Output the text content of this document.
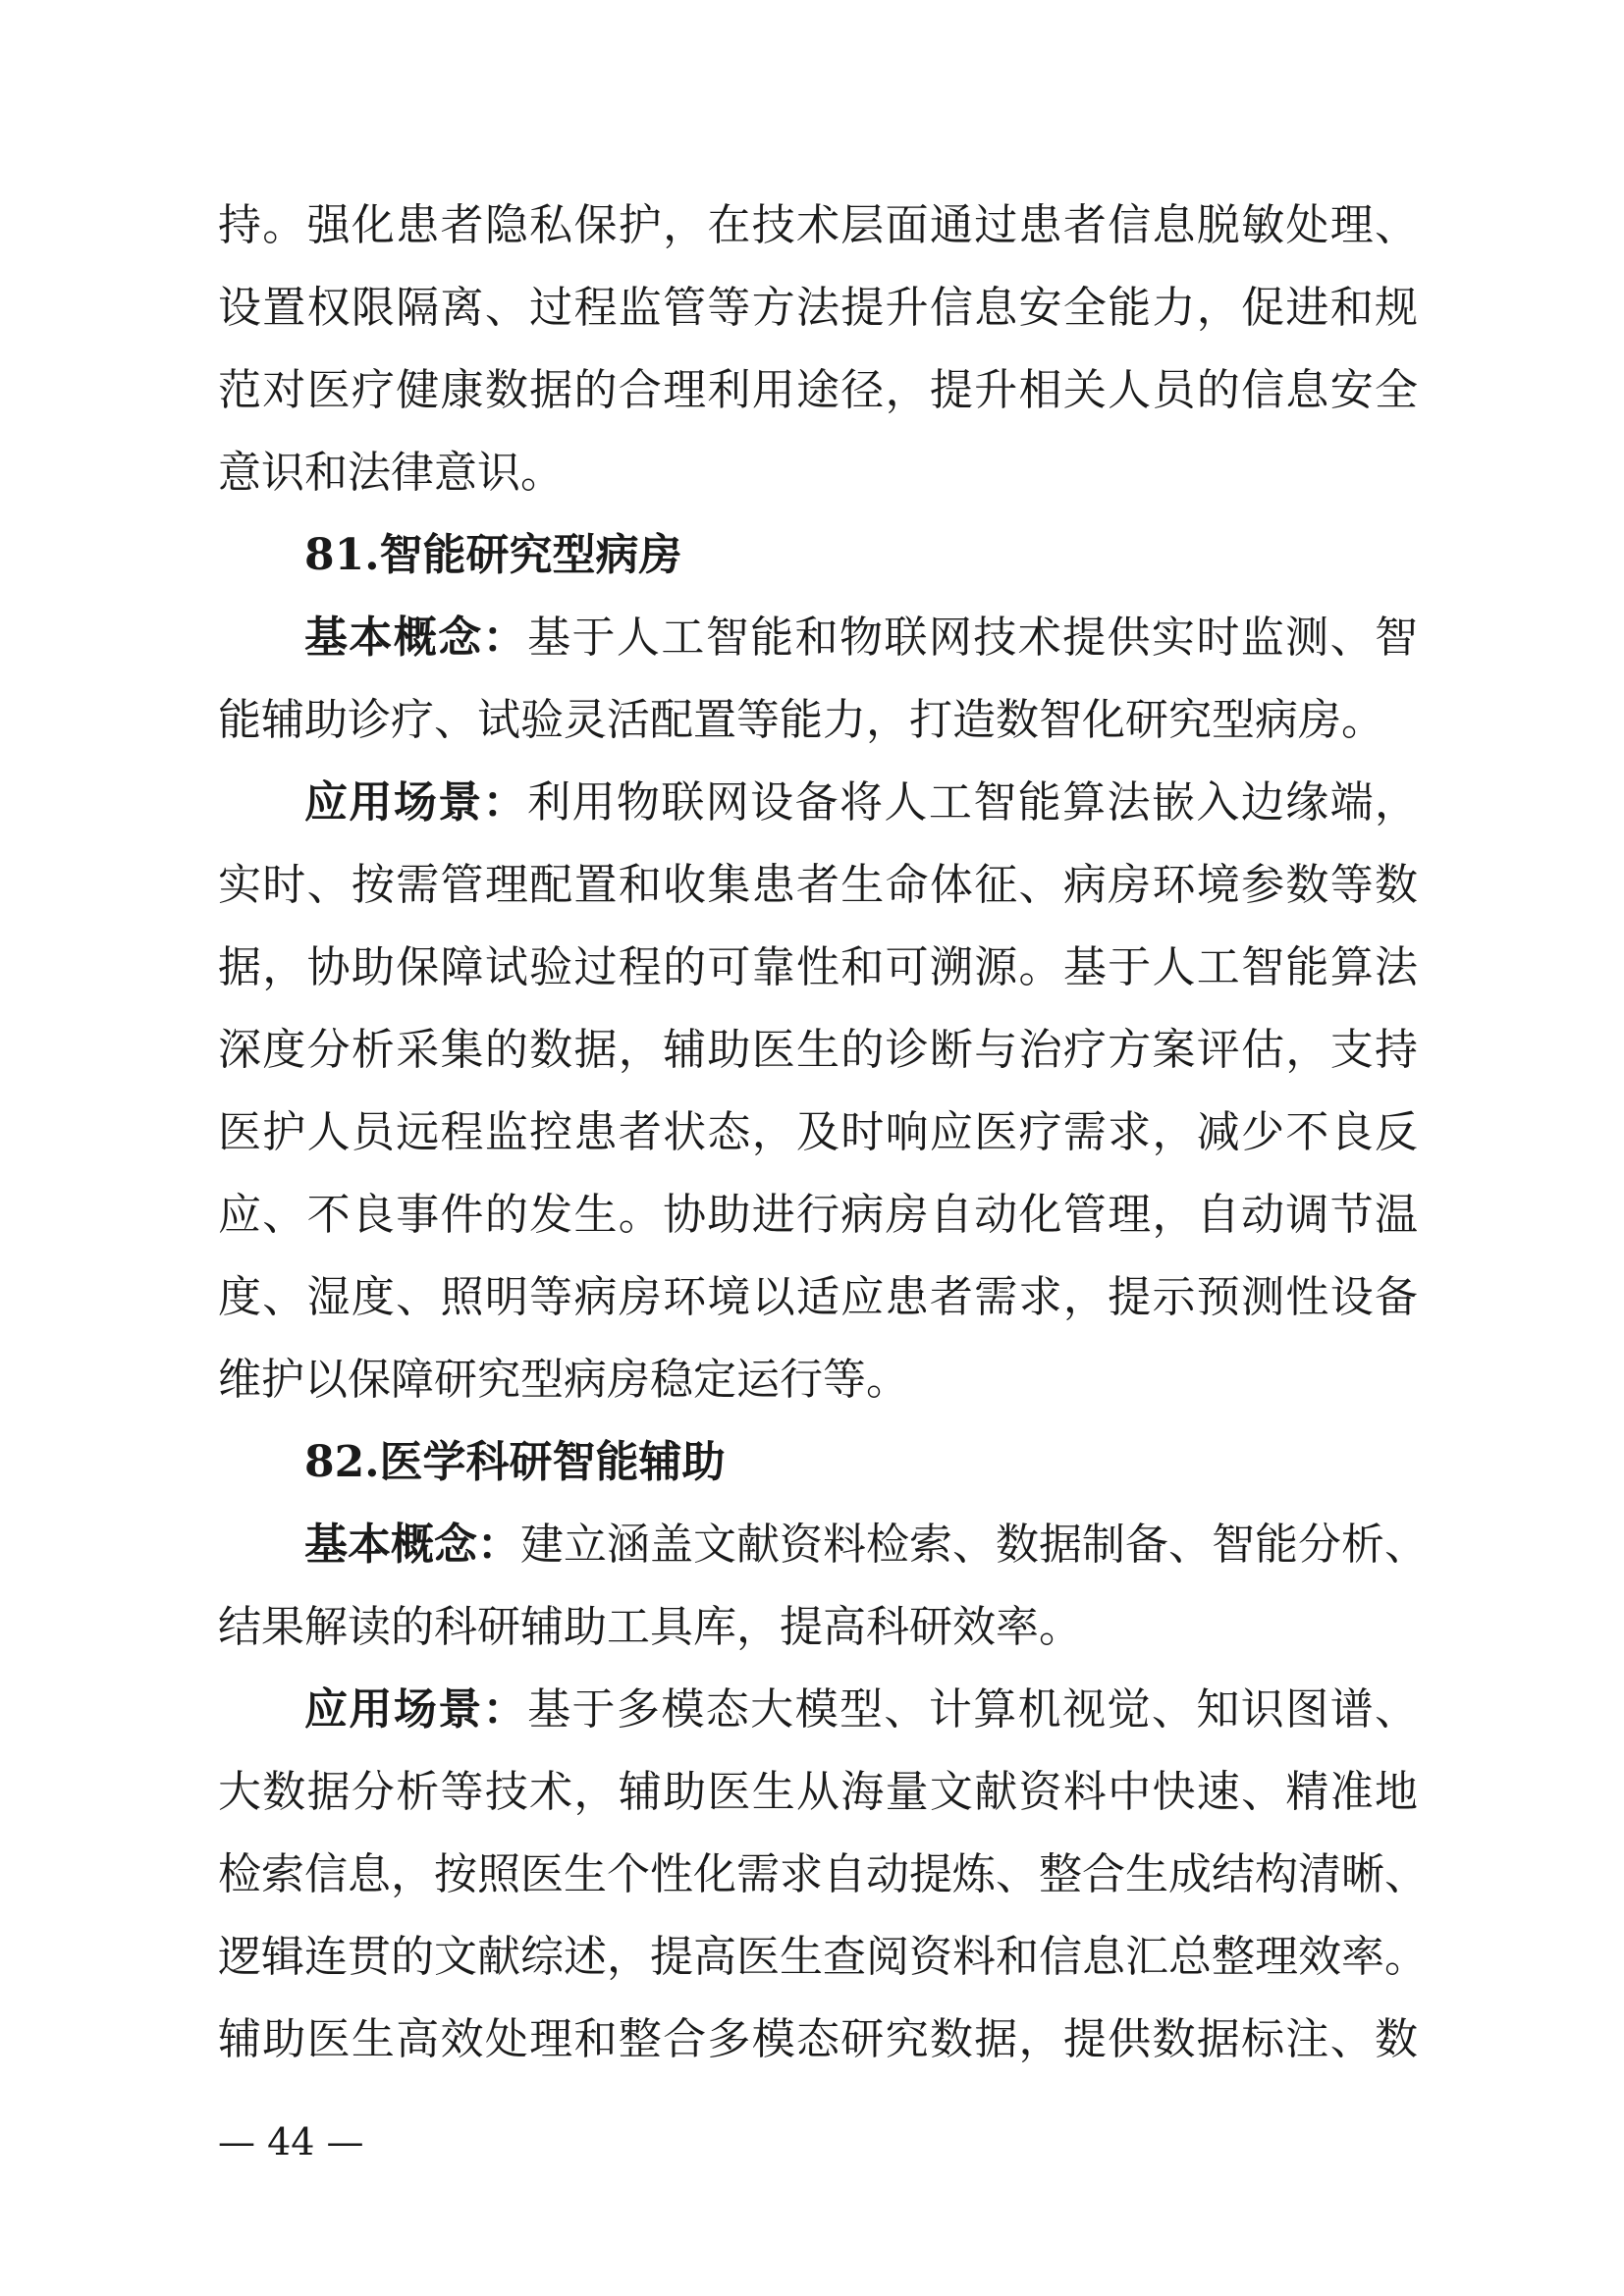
持。强化患者隐私保护，在技术层面通过患者信息脱敏处理、
设置权限隔离、过程监管等方法提升信息安全能力，促进和规
范对医疗健康数据的合理利用途径，提升相关人员的信息安全
意识和法律意识。
81.智能研究型病房
基本概念：基于人工智能和物联网技术提供实时监测、智
能辅助诊疗、试验灵活配置等能力，打造数智化研究型病房。
应用场景：利用物联网设备将人工智能算法嵌入边缘端，
实时、按需管理配置和收集患者生命体征、病房环境参数等数
据，协助保障试验过程的可靠性和可溯源。基于人工智能算法
深度分析采集的数据，辅助医生的诊断与治疗方案评估，支持
医护人员远程监控患者状态，及时响应医疗需求，减少不良反
应、不良事件的发生。协助进行病房自动化管理，自动调节温
度、湿度、照明等病房环境以适应患者需求，提示预测性设备
维护以保障研究型病房稳定运行等。
82.医学科研智能辅助
基本概念：建立涵盖文献资料检索、数据制备、智能分析、
结果解读的科研辅助工具库，提高科研效率。
应用场景：基于多模态大模型、计算机视觉、知识图谱、
大数据分析等技术，辅助医生从海量文献资料中快速、精准地
检索信息，按照医生个性化需求自动提炼、整合生成结构清晰、
逻辑连贯的文献综述，提高医生查阅资料和信息汇总整理效率。
辅助医生高效处理和整合多模态研究数据，提供数据标注、数
— 44 —
